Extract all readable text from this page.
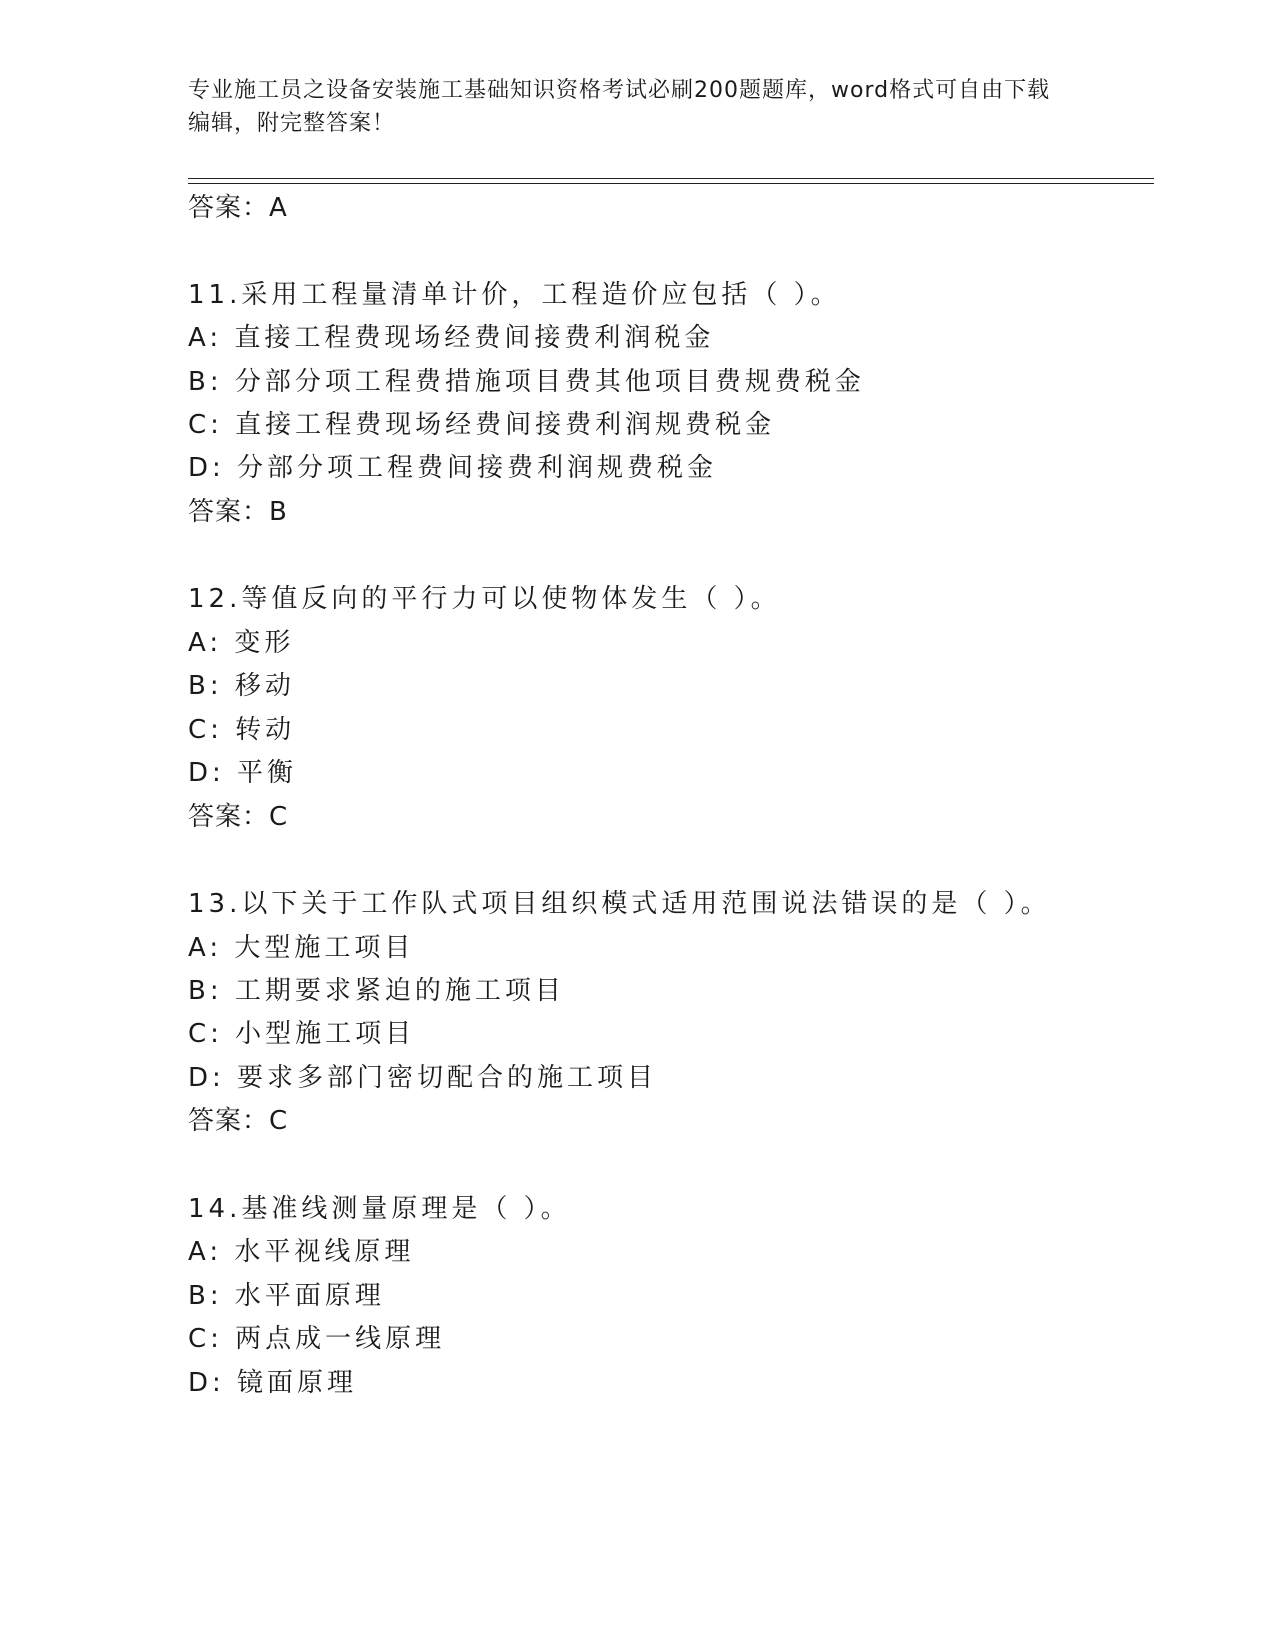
专业施工员之设备安装施工基础知识资格考试必刷200题题库，word格式可自由下载编辑，附完整答案！
答案：A
11.采用工程量清单计价，工程造价应包括（ ）。
A: 直接工程费现场经费间接费利润税金
B: 分部分项工程费措施项目费其他项目费规费税金
C: 直接工程费现场经费间接费利润规费税金
D: 分部分项工程费间接费利润规费税金
答案：B
12.等值反向的平行力可以使物体发生（ ）。
A: 变形
B: 移动
C: 转动
D: 平衡
答案：C
13.以下关于工作队式项目组织模式适用范围说法错误的是（ ）。
A: 大型施工项目
B: 工期要求紧迫的施工项目
C: 小型施工项目
D: 要求多部门密切配合的施工项目
答案：C
14.基准线测量原理是（ ）。
A: 水平视线原理
B: 水平面原理
C: 两点成一线原理
D: 镜面原理
